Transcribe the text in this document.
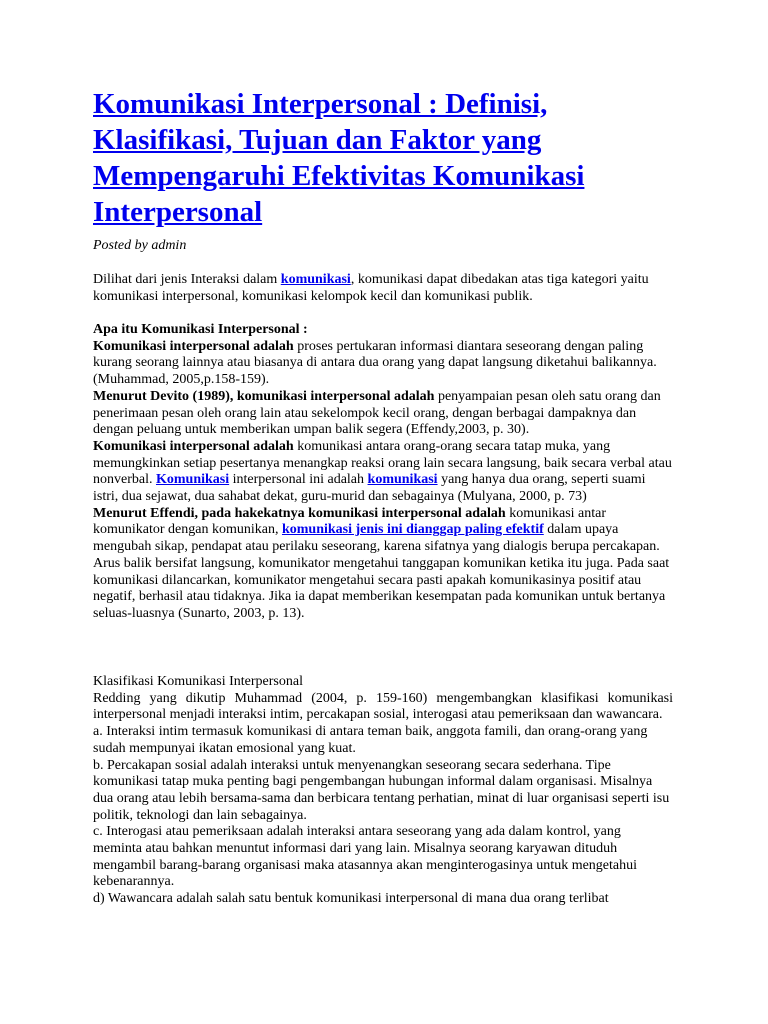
Komunikasi Interpersonal : Definisi, Klasifikasi, Tujuan dan Faktor yang Mempengaruhi Efektivitas Komunikasi Interpersonal
Posted by admin

Dilihat dari jenis Interaksi dalam komunikasi, komunikasi dapat dibedakan atas tiga kategori yaitu komunikasi interpersonal, komunikasi kelompok kecil dan komunikasi publik.

Apa itu Komunikasi Interpersonal :
Komunikasi interpersonal adalah proses pertukaran informasi diantara seseorang dengan paling kurang seorang lainnya atau biasanya di antara dua orang yang dapat langsung diketahui balikannya. (Muhammad, 2005,p.158-159).
Menurut Devito (1989), komunikasi interpersonal adalah penyampaian pesan oleh satu orang dan penerimaan pesan oleh orang lain atau sekelompok kecil orang, dengan berbagai dampaknya dan dengan peluang untuk memberikan umpan balik segera (Effendy,2003, p. 30).
Komunikasi interpersonal adalah komunikasi antara orang-orang secara tatap muka, yang memungkinkan setiap pesertanya menangkap reaksi orang lain secara langsung, baik secara verbal atau nonverbal. Komunikasi interpersonal ini adalah komunikasi yang hanya dua orang, seperti suami istri, dua sejawat, dua sahabat dekat, guru-murid dan sebagainya (Mulyana, 2000, p. 73)
Menurut Effendi, pada hakekatnya komunikasi interpersonal adalah komunikasi antar komunikator dengan komunikan, komunikasi jenis ini dianggap paling efektif dalam upaya mengubah sikap, pendapat atau perilaku seseorang, karena sifatnya yang dialogis berupa percakapan. Arus balik bersifat langsung, komunikator mengetahui tanggapan komunikan ketika itu juga. Pada saat komunikasi dilancarkan, komunikator mengetahui secara pasti apakah komunikasinya positif atau negatif, berhasil atau tidaknya. Jika ia dapat memberikan kesempatan pada komunikan untuk bertanya seluas-luasnya (Sunarto, 2003, p. 13).

Klasifikasi Komunikasi Interpersonal

Redding yang dikutip Muhammad (2004, p. 159-160) mengembangkan klasifikasi komunikasi interpersonal menjadi interaksi intim, percakapan sosial, interogasi atau pemeriksaan dan wawancara.
a. Interaksi intim termasuk komunikasi di antara teman baik, anggota famili, dan orang-orang yang sudah mempunyai ikatan emosional yang kuat.
b. Percakapan sosial adalah interaksi untuk menyenangkan seseorang secara sederhana. Tipe komunikasi tatap muka penting bagi pengembangan hubungan informal dalam organisasi. Misalnya dua orang atau lebih bersama-sama dan berbicara tentang perhatian, minat di luar organisasi seperti isu politik, teknologi dan lain sebagainya.
c. Interogasi atau pemeriksaan adalah interaksi antara seseorang yang ada dalam kontrol, yang meminta atau bahkan menuntut informasi dari yang lain. Misalnya seorang karyawan dituduh mengambil barang-barang organisasi maka atasannya akan menginterogasinya untuk mengetahui kebenarannya.
d) Wawancara adalah salah satu bentuk komunikasi interpersonal di mana dua orang terlibat
